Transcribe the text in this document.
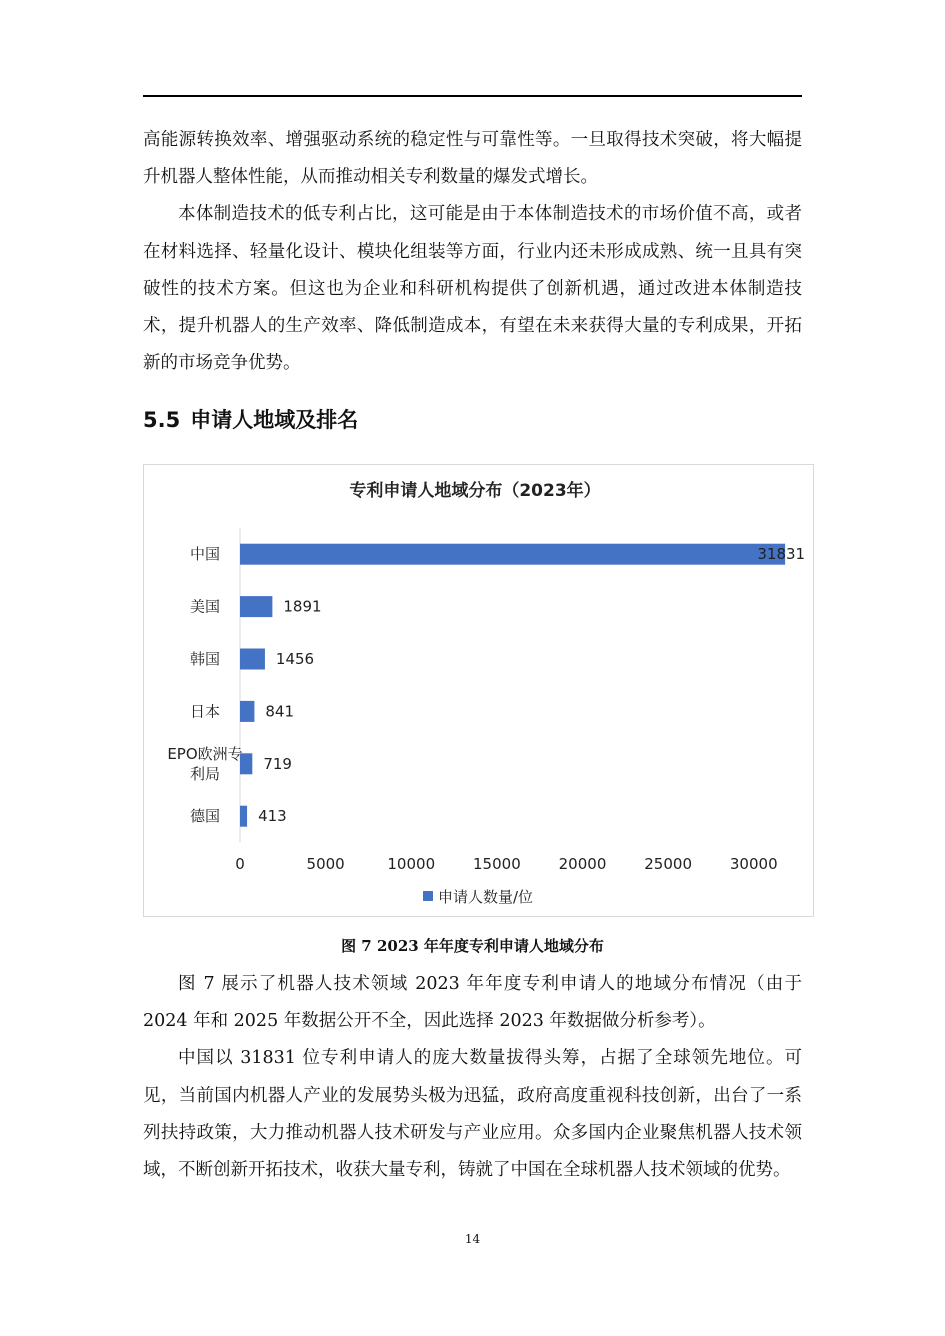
高能源转换效率、增强驱动系统的稳定性与可靠性等。一旦取得技术突破，将大幅提升机器人整体性能，从而推动相关专利数量的爆发式增长。

本体制造技术的低专利占比，这可能是由于本体制造技术的市场价值不高，或者在材料选择、轻量化设计、模块化组装等方面，行业内还未形成成熟、统一且具有突破性的技术方案。但这也为企业和科研机构提供了创新机遇，通过改进本体制造技术，提升机器人的生产效率、降低制造成本，有望在未来获得大量的专利成果，开拓新的市场竞争优势。

5.5 申请人地域及排名
专利申请人地域分布（2023年）
中国
美国
韩国
日本
EPO欧洲专利局
德国
31831
1891
1456
841
719
413
0	5000	10000	15000	20000	25000	30000
申请人数量/位
图 7 2023 年年度专利申请人地域分布

图 7 展示了机器人技术领域 2023 年年度专利申请人的地域分布情况（由于 2024 年和 2025 年数据公开不全，因此选择 2023 年数据做分析参考）。

中国以 31831 位专利申请人的庞大数量拔得头筹，占据了全球领先地位。可见，当前国内机器人产业的发展势头极为迅猛，政府高度重视科技创新，出台了一系列扶持政策，大力推动机器人技术研发与产业应用。众多国内企业聚焦机器人技术领域，不断创新开拓技术，收获大量专利，铸就了中国在全球机器人技术领域的优势。

14
